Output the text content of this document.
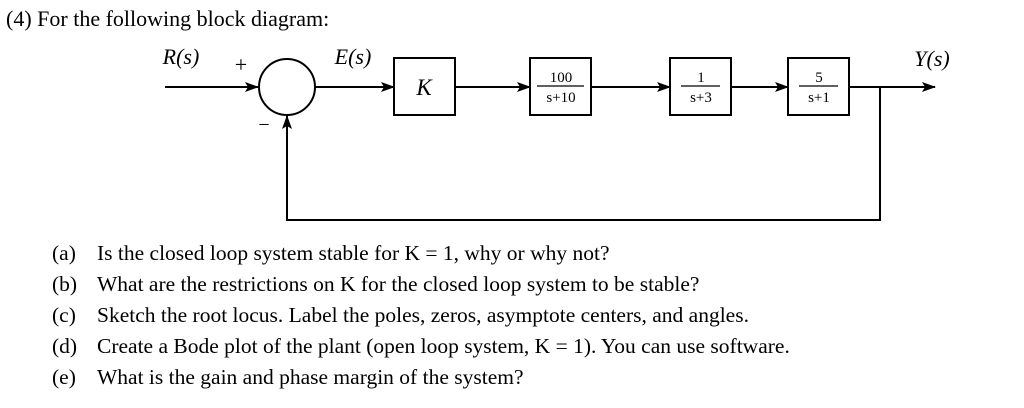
(4) For the following block diagram:
R(s) +
−
E(s)	Y(s)
K	100
s+10
1
s+3
5
s+1
(a) Is the closed loop system stable for K = 1, why or why not?
(b) What are the restrictions on K for the closed loop system to be stable?
(c) Sketch the root locus. Label the poles, zeros, asymptote centers, and angles.
(d) Create a Bode plot of the plant (open loop system, K = 1). You can use software.
(e) What is the gain and phase margin of the system?
